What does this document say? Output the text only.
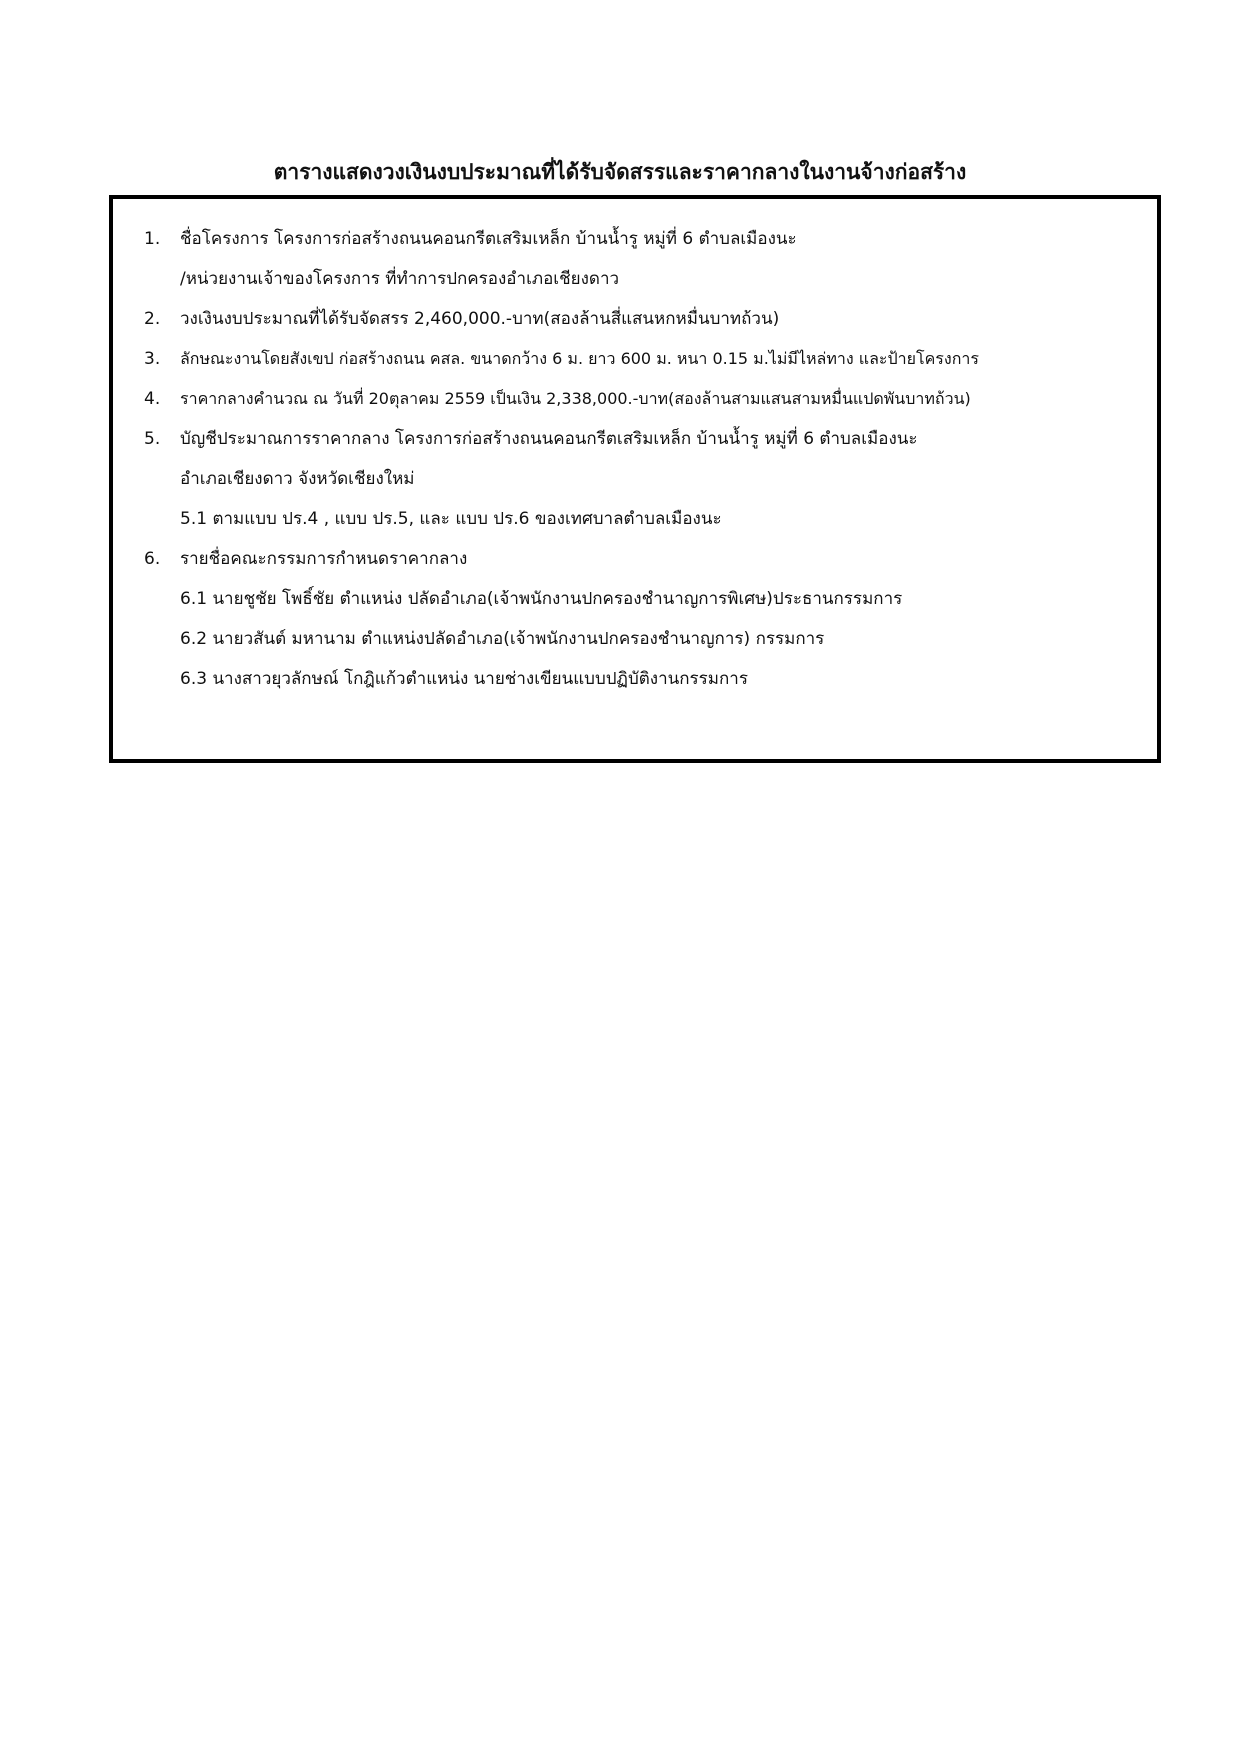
ตารางแสดงวงเงินงบประมาณที่ได้รับจัดสรรและราคากลางในงานจ้างก่อสร้าง
1. ชื่อโครงการ โครงการก่อสร้างถนนคอนกรีตเสริมเหล็ก บ้านน้ำรู หมู่ที่ 6 ตำบลเมืองนะ
/หน่วยงานเจ้าของโครงการ ที่ทำการปกครองอำเภอเชียงดาว
2. วงเงินงบประมาณที่ได้รับจัดสรร 2,460,000.-บาท(สองล้านสี่แสนหกหมื่นบาทถ้วน)
3. ลักษณะงานโดยสังเขป ก่อสร้างถนน คสล. ขนาดกว้าง 6 ม. ยาว 600 ม. หนา 0.15 ม.ไม่มีไหล่ทาง และป้ายโครงการ
4. ราคากลางคำนวณ ณ วันที่ 20ตุลาคม 2559 เป็นเงิน 2,338,000.-บาท(สองล้านสามแสนสามหมื่นแปดพันบาทถ้วน)
5. บัญชีประมาณการราคากลาง โครงการก่อสร้างถนนคอนกรีตเสริมเหล็ก บ้านน้ำรู หมู่ที่ 6 ตำบลเมืองนะ
อำเภอเชียงดาว จังหวัดเชียงใหม่
5.1 ตามแบบ ปร.4 , แบบ ปร.5, และ แบบ ปร.6 ของเทศบาลตำบลเมืองนะ
6. รายชื่อคณะกรรมการกำหนดราคากลาง
6.1 นายชูชัย โพธิ์ชัย ตำแหน่ง ปลัดอำเภอ(เจ้าพนักงานปกครองชำนาญการพิเศษ)ประธานกรรมการ
6.2 นายวสันต์ มหานาม ตำแหน่งปลัดอำเภอ(เจ้าพนักงานปกครองชำนาญการ) กรรมการ
6.3 นางสาวยุวลักษณ์ โกฎิแก้วตำแหน่ง นายช่างเขียนแบบปฏิบัติงานกรรมการ
